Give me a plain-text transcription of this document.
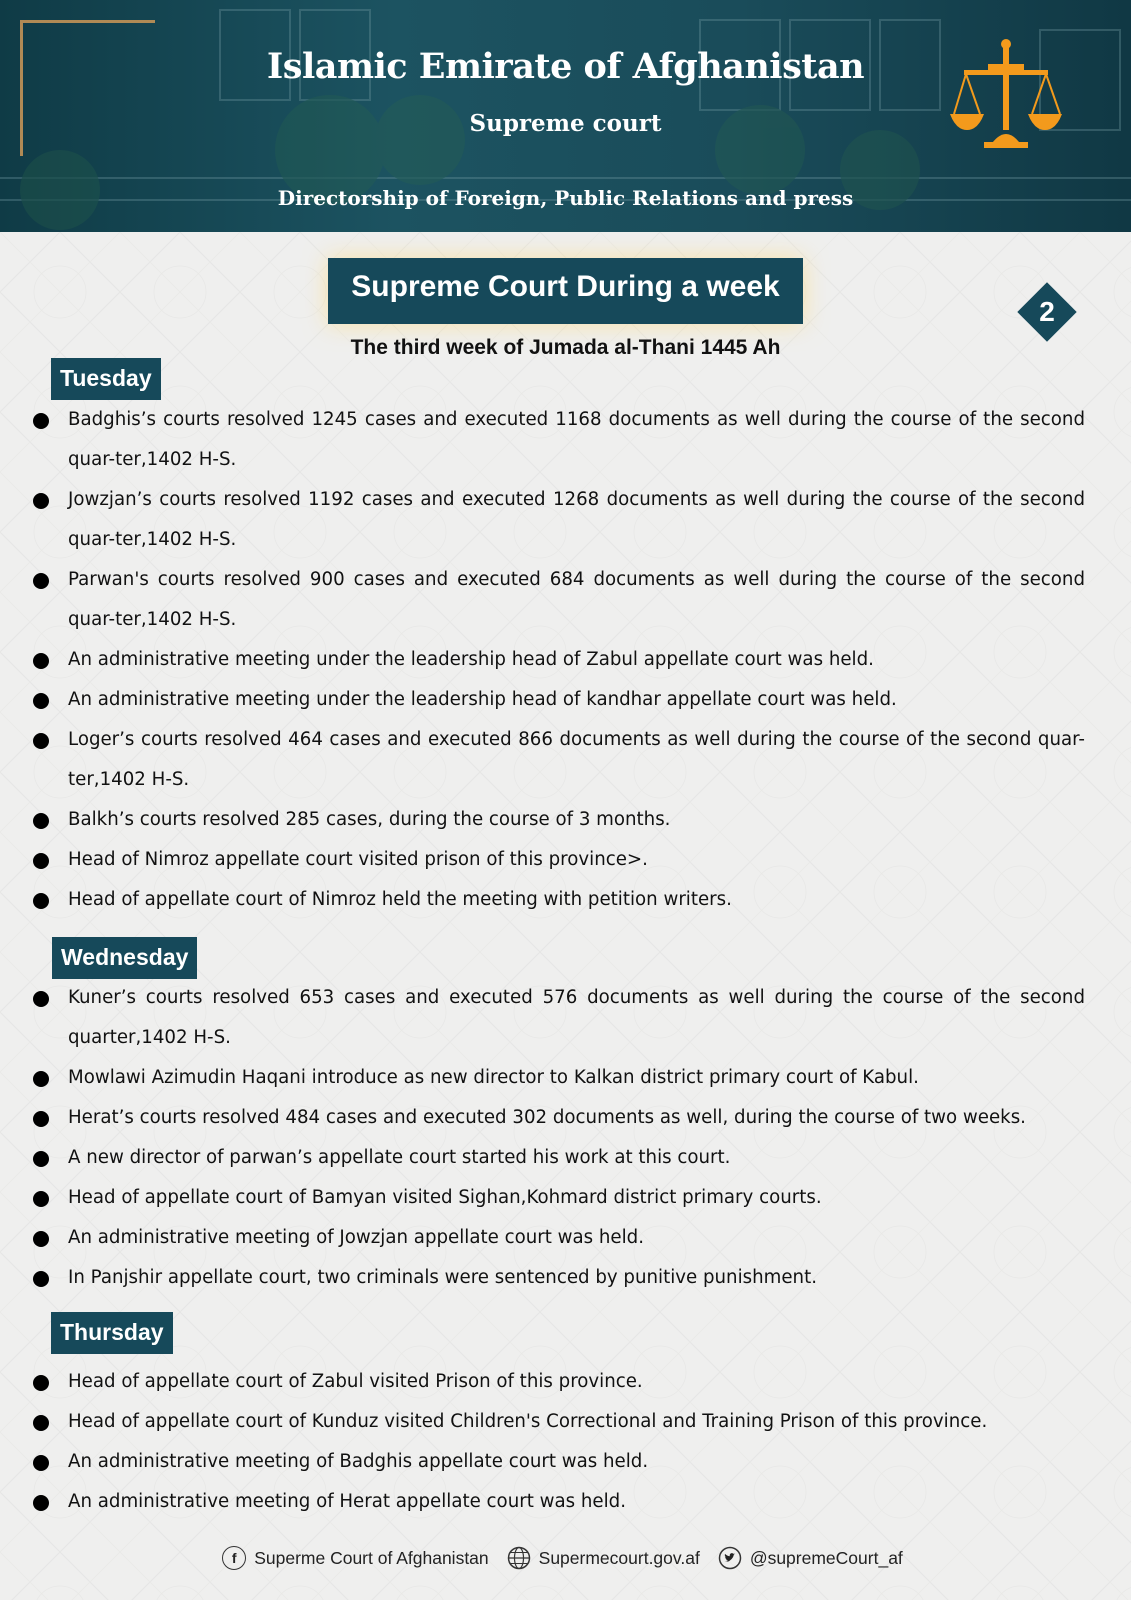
Islamic Emirate of Afghanistan
Supreme court
Directorship of Foreign, Public Relations and press
Supreme Court During a week
2
The third week of Jumada al-Thani 1445 Ah
Tuesday
Badghis’s courts resolved 1245 cases and executed 1168 documents as well during the course of the second quar-ter,1402 H-S.
Jowzjan’s courts resolved 1192 cases and executed 1268 documents as well during the course of the second quar-ter,1402 H-S.
Parwan's courts resolved 900 cases and executed 684 documents as well during the course of the second quar-ter,1402 H-S.
An administrative meeting under the leadership head of Zabul appellate court was held.
An administrative meeting under the leadership head of kandhar appellate court was held.
Loger’s courts resolved 464 cases and executed 866 documents as well during the course of the second quar-ter,1402 H-S.
Balkh’s courts resolved 285 cases, during the course of 3 months.
Head of Nimroz appellate court visited prison of this province>.
Head of appellate court of Nimroz held the meeting with petition writers.
Wednesday
Kuner’s courts resolved 653 cases and executed 576 documents as well during the course of the second quarter,1402 H-S.
Mowlawi Azimudin Haqani introduce as new director to Kalkan district primary court of Kabul.
Herat’s courts resolved 484 cases and executed 302 documents as well, during the course of two weeks.
A new director of parwan’s appellate court started his work at this court.
Head of appellate court of Bamyan visited Sighan,Kohmard district primary courts.
An administrative meeting of Jowzjan appellate court was held.
In Panjshir appellate court, two criminals were sentenced by punitive punishment.
Thursday
Head of appellate court of Zabul visited Prison of this province.
Head of appellate court of Kunduz visited Children's Correctional and Training Prison of this province.
An administrative meeting of Badghis appellate court was held.
An administrative meeting of Herat appellate court was held.
f	Superme Court of Afghanistan	Supermecourt.gov.af	@supremeCourt_af
